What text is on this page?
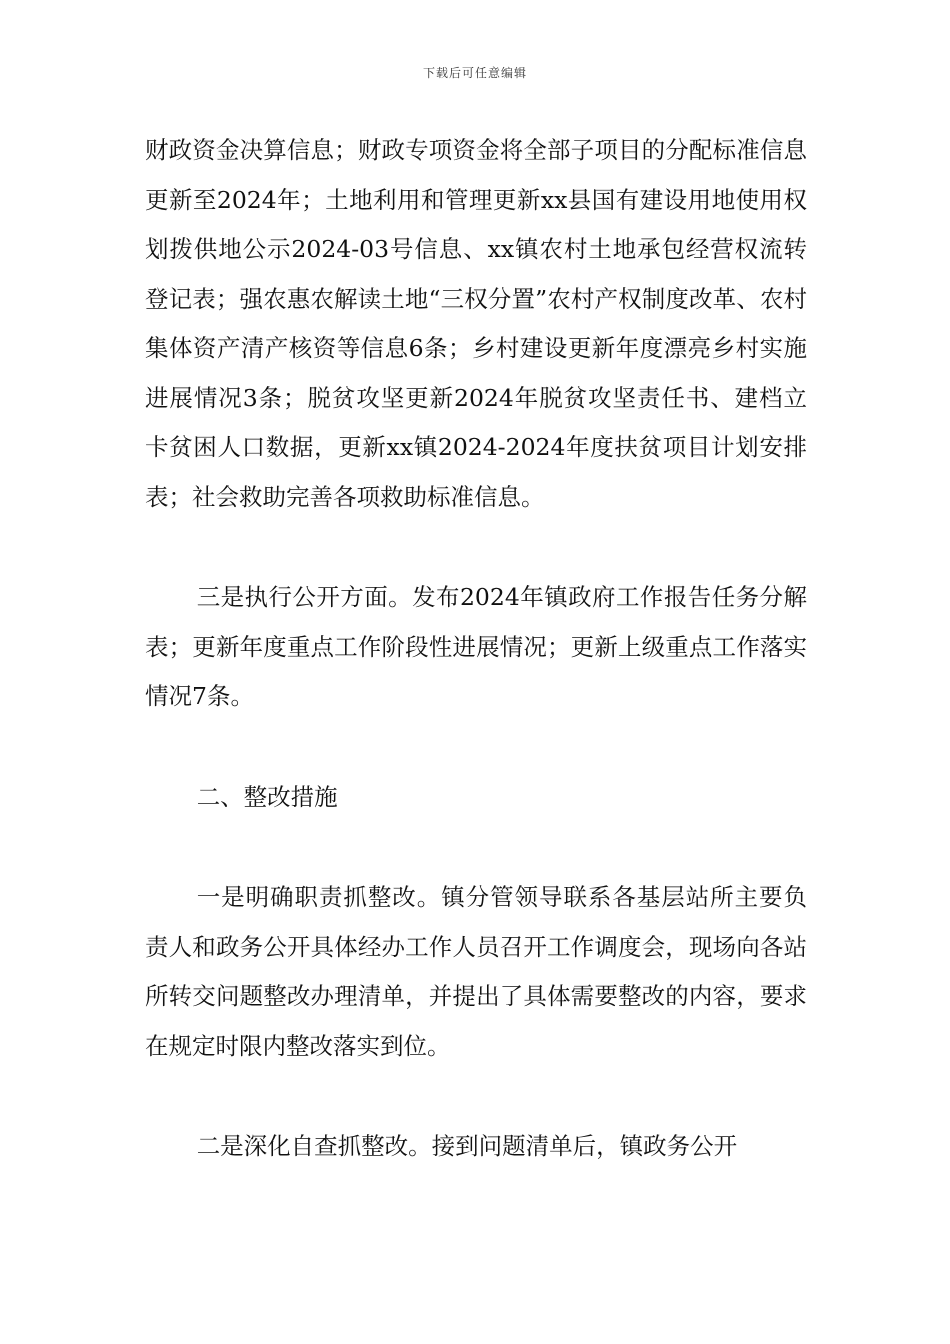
下载后可任意编辑

财政资金决算信息；财政专项资金将全部子项目的分配标准信息更新至2024年；土地利用和管理更新xx县国有建设用地使用权划拨供地公示2024-03号信息、xx镇农村土地承包经营权流转登记表；强农惠农解读土地“三权分置”农村产权制度改革、农村集体资产清产核资等信息6条；乡村建设更新年度漂亮乡村实施进展情况3条；脱贫攻坚更新2024年脱贫攻坚责任书、建档立卡贫困人口数据，更新xx镇2024-2024年度扶贫项目计划安排表；社会救助完善各项救助标准信息。

三是执行公开方面。发布2024年镇政府工作报告任务分解表；更新年度重点工作阶段性进展情况；更新上级重点工作落实情况7条。

二、整改措施

一是明确职责抓整改。镇分管领导联系各基层站所主要负责人和政务公开具体经办工作人员召开工作调度会，现场向各站所转交问题整改办理清单，并提出了具体需要整改的内容，要求在规定时限内整改落实到位。

二是深化自查抓整改。接到问题清单后，镇政务公开
